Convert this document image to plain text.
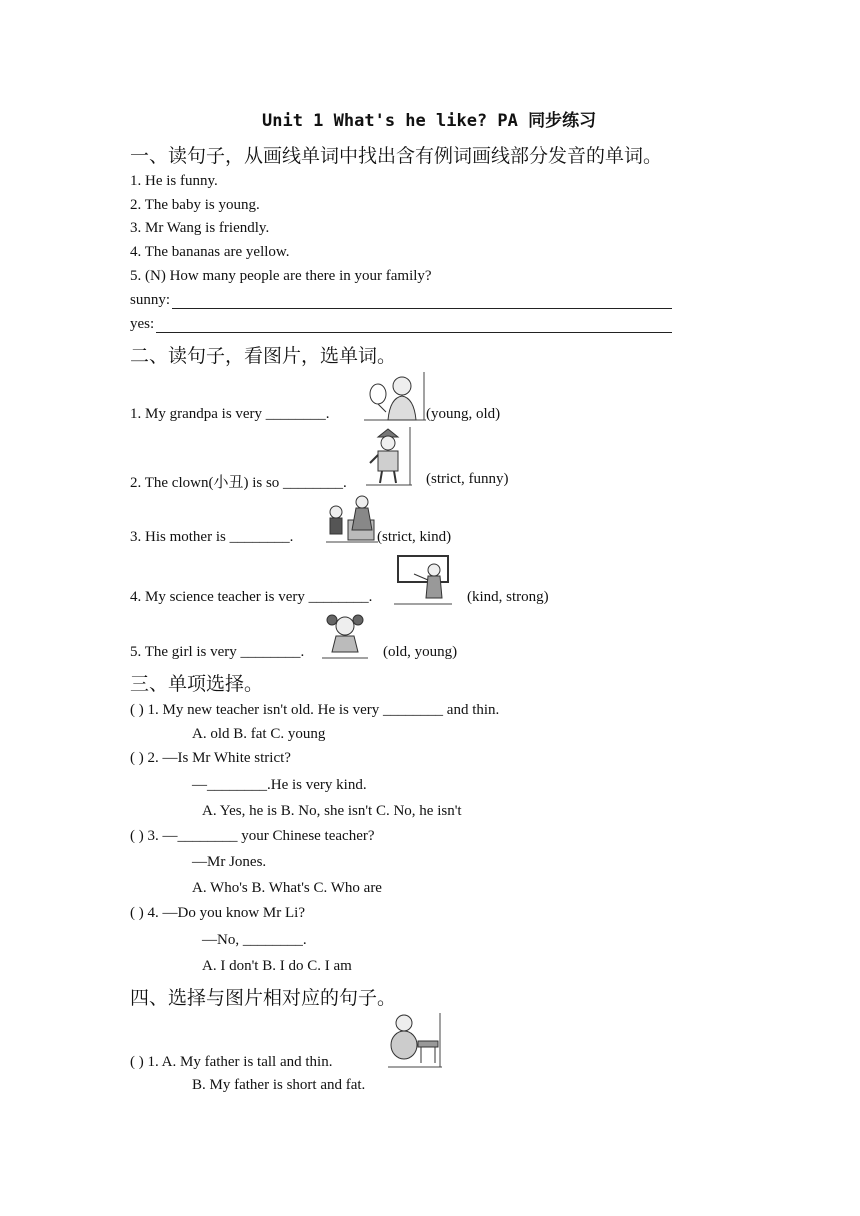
Unit 1 What's he like? PA 同步练习
一、读句子，从画线单词中找出含有例词画线部分发音的单词。
1. He is funny.
2. The baby is young.
3. Mr Wang is friendly.
4. The bananas are yellow.
5. (N) How many people are there in your family?
sunny:
yes:
二、读句子，看图片，选单词。
1. My grandpa is very ________.	(young, old)
2. The clown(小丑) is so ________.	(strict, funny)
3. His mother is ________.	(strict, kind)
4. My science teacher is very ________.	(kind, strong)
5. The girl is very ________.	(old, young)
三、单项选择。
( ) 1. My new teacher isn't old. He is very ________ and thin.
A. old B. fat C. young
( ) 2. —Is Mr White strict?
—________.He is very kind.
A. Yes, he is B. No, she isn't C. No, he isn't
( ) 3. —________ your Chinese teacher?
—Mr Jones.
A. Who's B. What's C. Who are
( ) 4. —Do you know Mr Li?
—No, ________.
A. I don't B. I do C. I am
四、选择与图片相对应的句子。
( ) 1. A. My father is tall and thin.
B. My father is short and fat.
